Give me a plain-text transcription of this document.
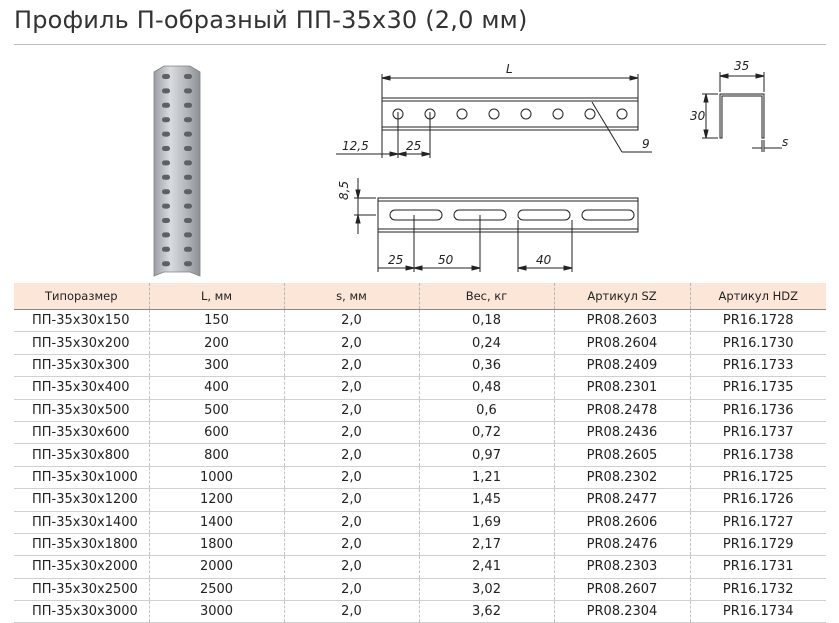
Профиль П-образный ПП-35х30 (2,0 мм)
L
12,5	25	9
35
30
s
8,5
25	50	40
Типоразмер	L, мм	s, мм	Вес, кг	Артикул SZ	Артикул HDZ
ПП-35х30х150	150	2,0	0,18	PR08.2603	PR16.1728
ПП-35х30х200	200	2,0	0,24	PR08.2604	PR16.1730
ПП-35х30х300	300	2,0	0,36	PR08.2409	PR16.1733
ПП-35х30х400	400	2,0	0,48	PR08.2301	PR16.1735
ПП-35х30х500	500	2,0	0,6	PR08.2478	PR16.1736
ПП-35х30х600	600	2,0	0,72	PR08.2436	PR16.1737
ПП-35х30х800	800	2,0	0,97	PR08.2605	PR16.1738
ПП-35х30х1000	1000	2,0	1,21	PR08.2302	PR16.1725
ПП-35х30х1200	1200	2,0	1,45	PR08.2477	PR16.1726
ПП-35х30х1400	1400	2,0	1,69	PR08.2606	PR16.1727
ПП-35х30х1800	1800	2,0	2,17	PR08.2476	PR16.1729
ПП-35х30х2000	2000	2,0	2,41	PR08.2303	PR16.1731
ПП-35х30х2500	2500	2,0	3,02	PR08.2607	PR16.1732
ПП-35х30х3000	3000	2,0	3,62	PR08.2304	PR16.1734
